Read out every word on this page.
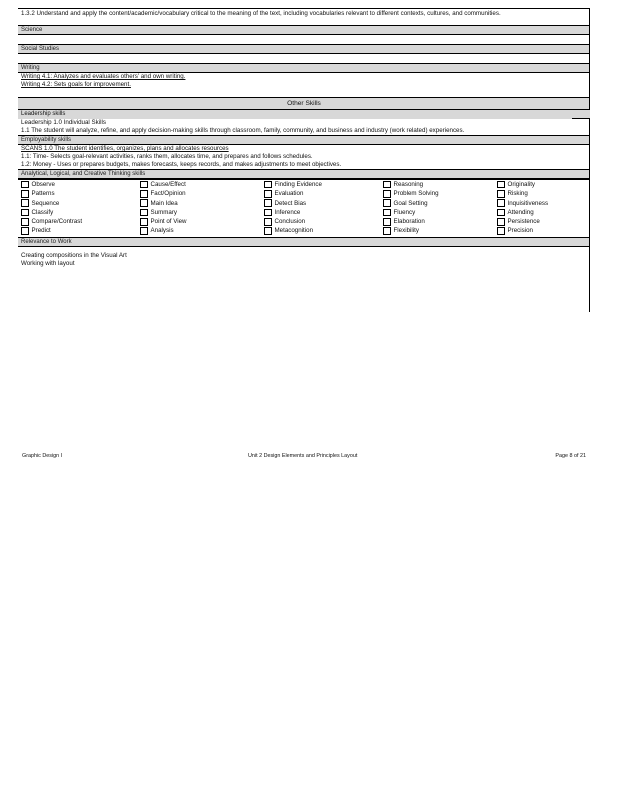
1.3.2 Understand and apply the content/academic/vocabulary critical to the meaning of the text, including vocabularies relevant to different contexts, cultures, and communities.
Science
Social Studies
Writing
Writing 4.1: Analyzes and evaluates others' and own writing.
Writing 4.2: Sets goals for improvement.
Other Skills
Leadership skills
Leadership 1.0 Individual Skills
1.1 The student will analyze, refine, and apply decision-making skills through classroom, family, community, and business and industry (work related) experiences.
Employability skills
SCANS 1.0 The student identifies, organizes, plans and allocates resources
1.1: Time- Selects goal-relevant activities, ranks them, allocates time, and prepares and follows schedules.
1.2: Money - Uses or prepares budgets, makes forecasts, keeps records, and makes adjustments to meet objectives.
Analytical, Logical, and Creative Thinking skills
Observe
Patterns
Sequence
Classify
Compare/Contrast
Predict
Cause/Effect
Fact/Opinion
Main Idea
Summary
Point of View
Analysis
Finding Evidence
Evaluation
Detect Bias
Inference
Conclusion
Metacognition
Reasoning
Problem Solving
Goal Setting
Fluency
Elaboration
Flexibility
Originality
Risking
Inquisitiveness
Attending
Persistence
Precision
Relevance to Work
Creating compositions in the Visual Art
Working with layout
Graphic Design I	Unit 2 Design Elements and Principles Layout	Page 8 of 21
